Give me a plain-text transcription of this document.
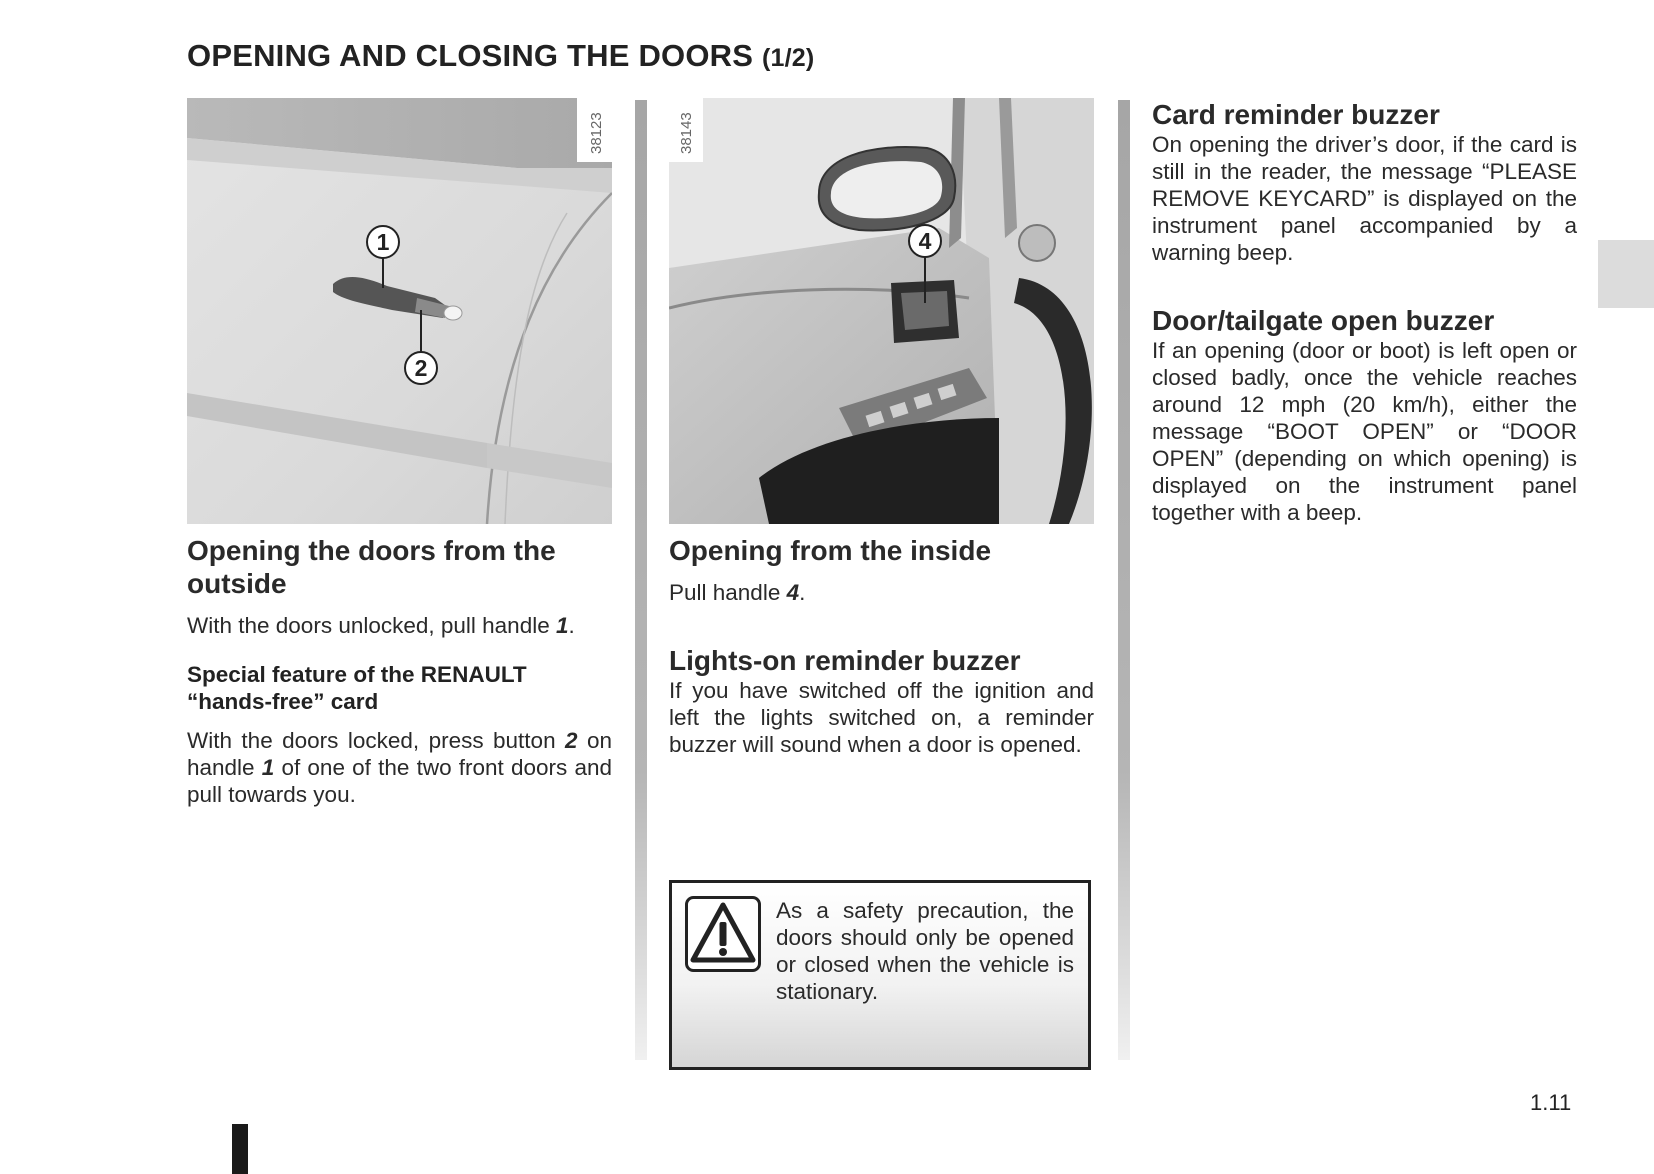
OPENING AND CLOSING THE DOORS (1/2)
1
2
38123
Opening the doors from the outside

With the doors unlocked, pull handle 1.

Special feature of the RENAULT “hands-free” card

With the doors locked, press button 2 on handle 1 of one of the two front doors and pull towards you.

4
38143
Opening from the inside

Pull handle 4.

Lights-on reminder buzzer

If you have switched off the ignition and left the lights switched on, a reminder buzzer will sound when a door is opened.

As a safety precaution, the doors should only be opened or closed when the vehicle is stationary.
Card reminder buzzer

On opening the driver’s door, if the card is still in the reader, the message “PLEASE REMOVE KEYCARD” is displayed on the instrument panel accompanied by a warning beep.

Door/tailgate open buzzer

If an opening (door or boot) is left open or closed badly, once the vehicle reaches around 12 mph (20 km/h), either the message “BOOT OPEN” or “DOOR OPEN” (depending on which opening) is displayed on the instrument panel together with a beep.

1.11
